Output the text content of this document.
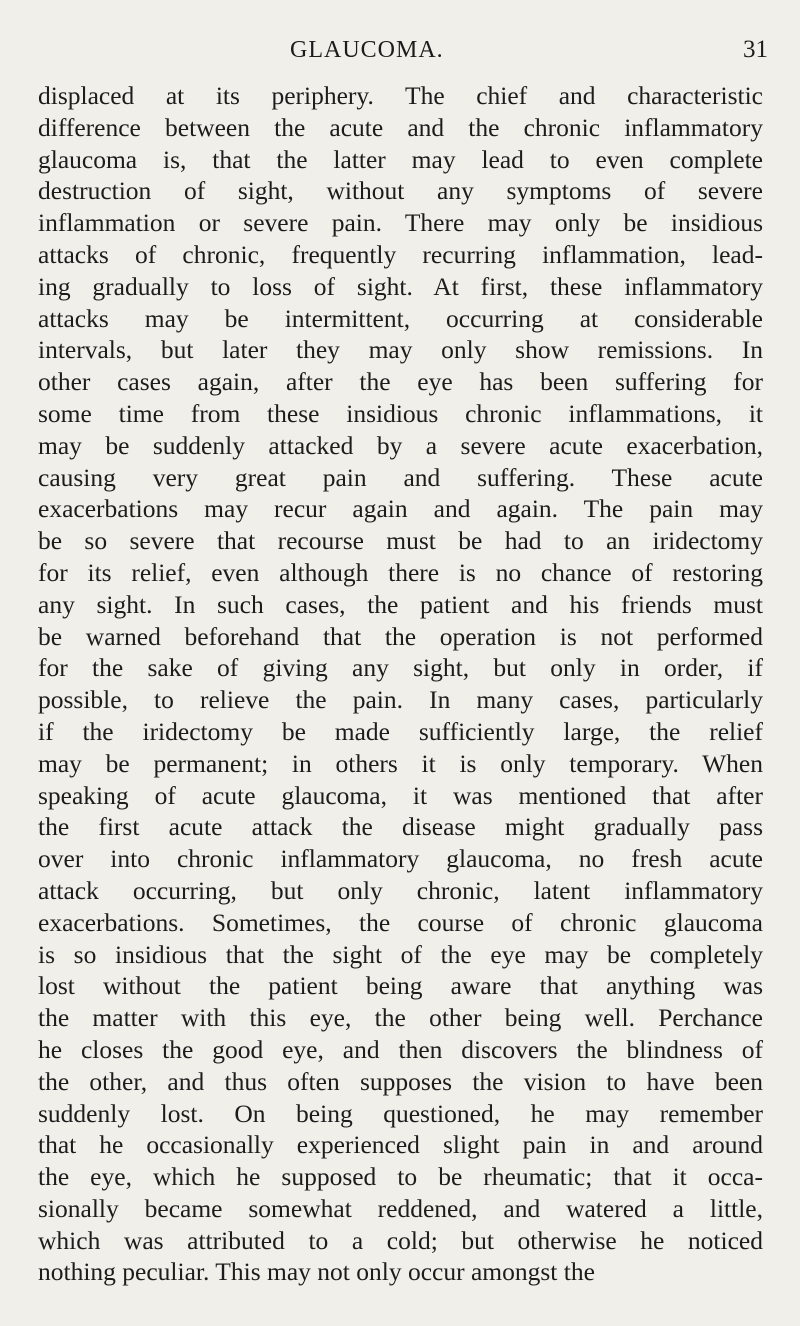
GLAUCOMA.	31
displaced at its periphery. The chief and characteristic
difference between the acute and the chronic inflammatory
glaucoma is, that the latter may lead to even complete
destruction of sight, without any symptoms of severe
inflammation or severe pain. There may only be insidious
attacks of chronic, frequently recurring inflammation, lead-
ing gradually to loss of sight. At first, these inflammatory
attacks may be intermittent, occurring at considerable
intervals, but later they may only show remissions. In
other cases again, after the eye has been suffering for
some time from these insidious chronic inflammations, it
may be suddenly attacked by a severe acute exacerbation,
causing very great pain and suffering. These acute
exacerbations may recur again and again. The pain may
be so severe that recourse must be had to an iridectomy
for its relief, even although there is no chance of restoring
any sight. In such cases, the patient and his friends must
be warned beforehand that the operation is not performed
for the sake of giving any sight, but only in order, if
possible, to relieve the pain. In many cases, particularly
if the iridectomy be made sufficiently large, the relief
may be permanent; in others it is only temporary. When
speaking of acute glaucoma, it was mentioned that after
the first acute attack the disease might gradually pass
over into chronic inflammatory glaucoma, no fresh acute
attack occurring, but only chronic, latent inflammatory
exacerbations. Sometimes, the course of chronic glaucoma
is so insidious that the sight of the eye may be completely
lost without the patient being aware that anything was
the matter with this eye, the other being well. Perchance
he closes the good eye, and then discovers the blindness of
the other, and thus often supposes the vision to have been
suddenly lost. On being questioned, he may remember
that he occasionally experienced slight pain in and around
the eye, which he supposed to be rheumatic; that it occa-
sionally became somewhat reddened, and watered a little,
which was attributed to a cold; but otherwise he noticed
nothing peculiar. This may not only occur amongst the
